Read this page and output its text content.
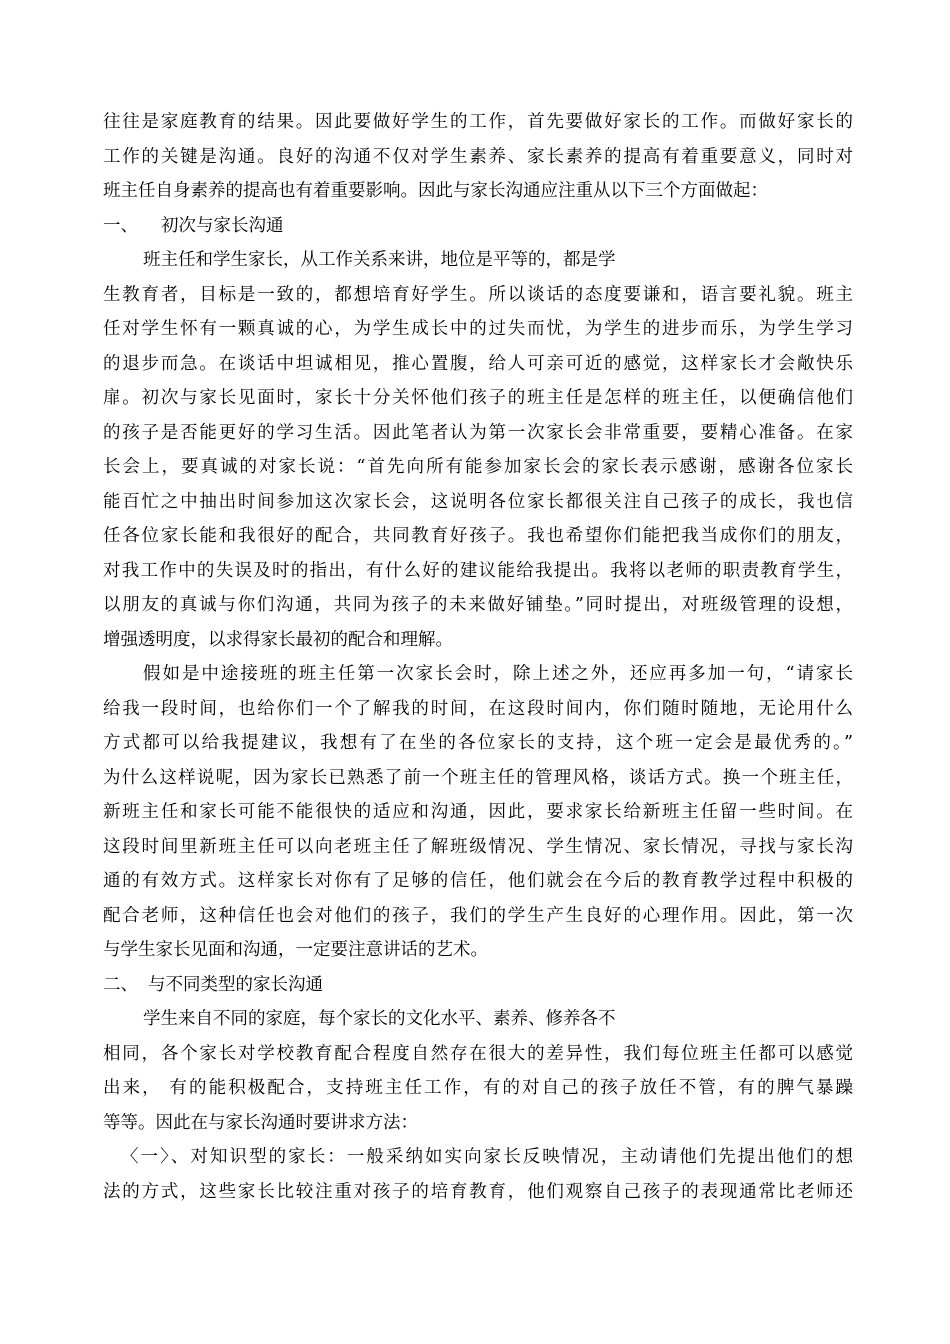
往往是家庭教育的结果。因此要做好学生的工作，首先要做好家长的工作。而做好家长的
工作的关键是沟通。良好的沟通不仅对学生素养、家长素养的提高有着重要意义，同时对
班主任自身素养的提高也有着重要影响。因此与家长沟通应注重从以下三个方面做起：
一、 初次与家长沟通
班主任和学生家长，从工作关系来讲，地位是平等的，都是学
生教育者，目标是一致的，都想培育好学生。所以谈话的态度要谦和，语言要礼貌。班主
任对学生怀有一颗真诚的心，为学生成长中的过失而忧，为学生的进步而乐，为学生学习
的退步而急。在谈话中坦诚相见，推心置腹，给人可亲可近的感觉，这样家长才会敞快乐
扉。初次与家长见面时，家长十分关怀他们孩子的班主任是怎样的班主任，以便确信他们
的孩子是否能更好的学习生活。因此笔者认为第一次家长会非常重要，要精心准备。在家
长会上，要真诚的对家长说：“首先向所有能参加家长会的家长表示感谢，感谢各位家长
能百忙之中抽出时间参加这次家长会，这说明各位家长都很关注自己孩子的成长，我也信
任各位家长能和我很好的配合，共同教育好孩子。我也希望你们能把我当成你们的朋友，
对我工作中的失误及时的指出，有什么好的建议能给我提出。我将以老师的职责教育学生，
以朋友的真诚与你们沟通，共同为孩子的未来做好铺垫。”同时提出，对班级管理的设想，
增强透明度，以求得家长最初的配合和理解。
假如是中途接班的班主任第一次家长会时，除上述之外，还应再多加一句，“请家长
给我一段时间，也给你们一个了解我的时间，在这段时间内，你们随时随地，无论用什么
方式都可以给我提建议，我想有了在坐的各位家长的支持，这个班一定会是最优秀的。”
为什么这样说呢，因为家长已熟悉了前一个班主任的管理风格，谈话方式。换一个班主任，
新班主任和家长可能不能很快的适应和沟通，因此，要求家长给新班主任留一些时间。在
这段时间里新班主任可以向老班主任了解班级情况、学生情况、家长情况，寻找与家长沟
通的有效方式。这样家长对你有了足够的信任，他们就会在今后的教育教学过程中积极的
配合老师，这种信任也会对他们的孩子，我们的学生产生良好的心理作用。因此，第一次
与学生家长见面和沟通，一定要注意讲话的艺术。
二、 与不同类型的家长沟通
学生来自不同的家庭，每个家长的文化水平、素养、修养各不
相同，各个家长对学校教育配合程度自然存在很大的差异性，我们每位班主任都可以感觉
出来， 有的能积极配合，支持班主任工作，有的对自己的孩子放任不管，有的脾气暴躁
等等。因此在与家长沟通时要讲求方法：
〈一〉、对知识型的家长：一般采纳如实向家长反映情况，主动请他们先提出他们的想
法的方式，这些家长比较注重对孩子的培育教育，他们观察自己孩子的表现通常比老师还
